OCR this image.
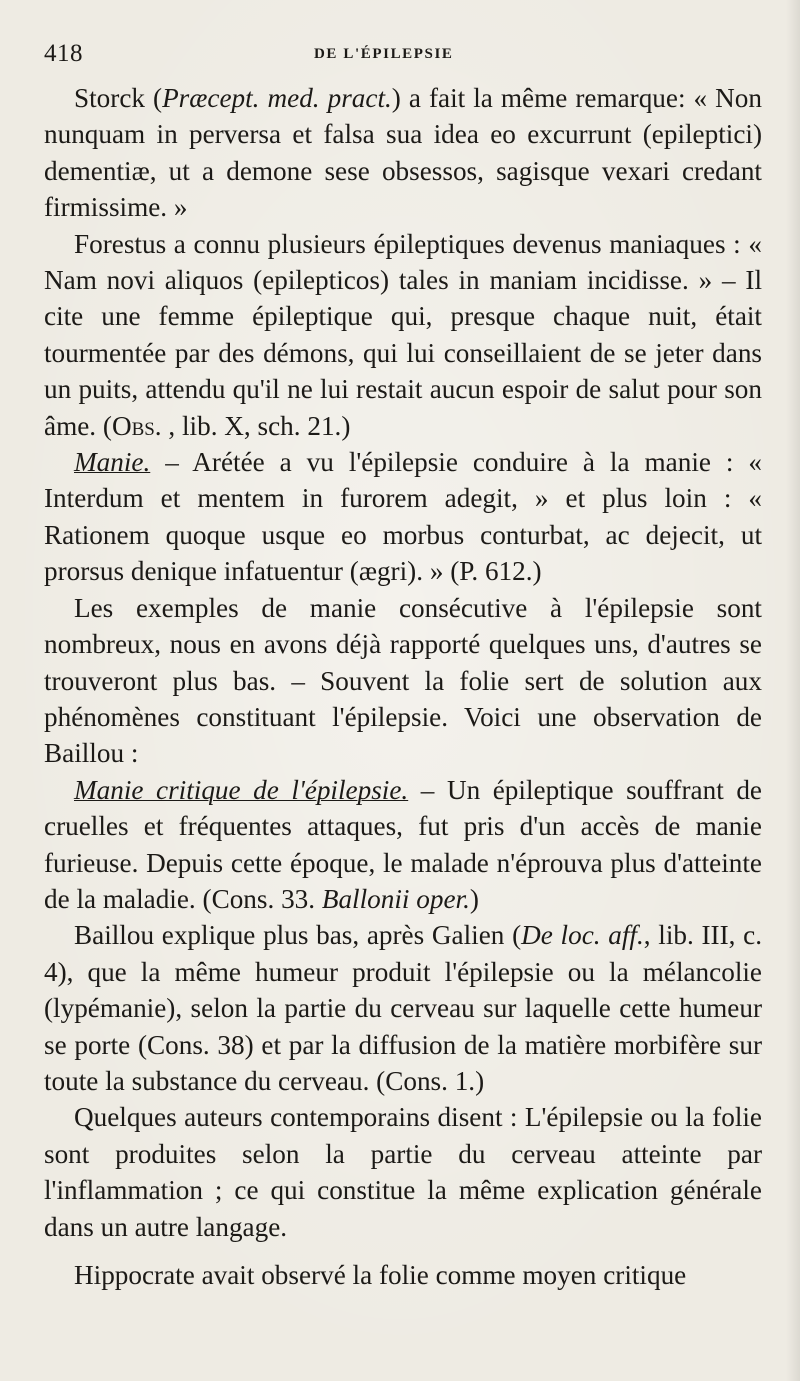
418	DE L'ÉPILEPSIE

Storck (Præcept. med. pract.) a fait la même remarque: « Non nunquam in perversa et falsa sua idea eo excurrunt (epileptici) dementiæ, ut a demone sese obsessos, sagisque vexari credant firmissime. »

Forestus a connu plusieurs épileptiques devenus maniaques : « Nam novi aliquos (epilepticos) tales in maniam incidisse. » – Il cite une femme épileptique qui, presque chaque nuit, était tourmentée par des démons, qui lui conseillaient de se jeter dans un puits, attendu qu'il ne lui restait aucun espoir de salut pour son âme. (Obs. , lib. X, sch. 21.)

Manie. – Arétée a vu l'épilepsie conduire à la manie : « Interdum et mentem in furorem adegit, » et plus loin : « Rationem quoque usque eo morbus conturbat, ac dejecit, ut prorsus denique infatuentur (ægri). » (P. 612.)

Les exemples de manie consécutive à l'épilepsie sont nombreux, nous en avons déjà rapporté quelques uns, d'autres se trouveront plus bas. – Souvent la folie sert de solution aux phénomènes constituant l'épilepsie. Voici une observation de Baillou :

Manie critique de l'épilepsie. – Un épileptique souffrant de cruelles et fréquentes attaques, fut pris d'un accès de manie furieuse. Depuis cette époque, le malade n'éprouva plus d'atteinte de la maladie. (Cons. 33. Ballonii oper.)

Baillou explique plus bas, après Galien (De loc. aff., lib. III, c. 4), que la même humeur produit l'épilepsie ou la mélancolie (lypémanie), selon la partie du cerveau sur laquelle cette humeur se porte (Cons. 38) et par la diffusion de la matière morbifère sur toute la substance du cerveau. (Cons. 1.)

Quelques auteurs contemporains disent : L'épilepsie ou la folie sont produites selon la partie du cerveau atteinte par l'inflammation ; ce qui constitue la même explication générale dans un autre langage.

Hippocrate avait observé la folie comme moyen critique
